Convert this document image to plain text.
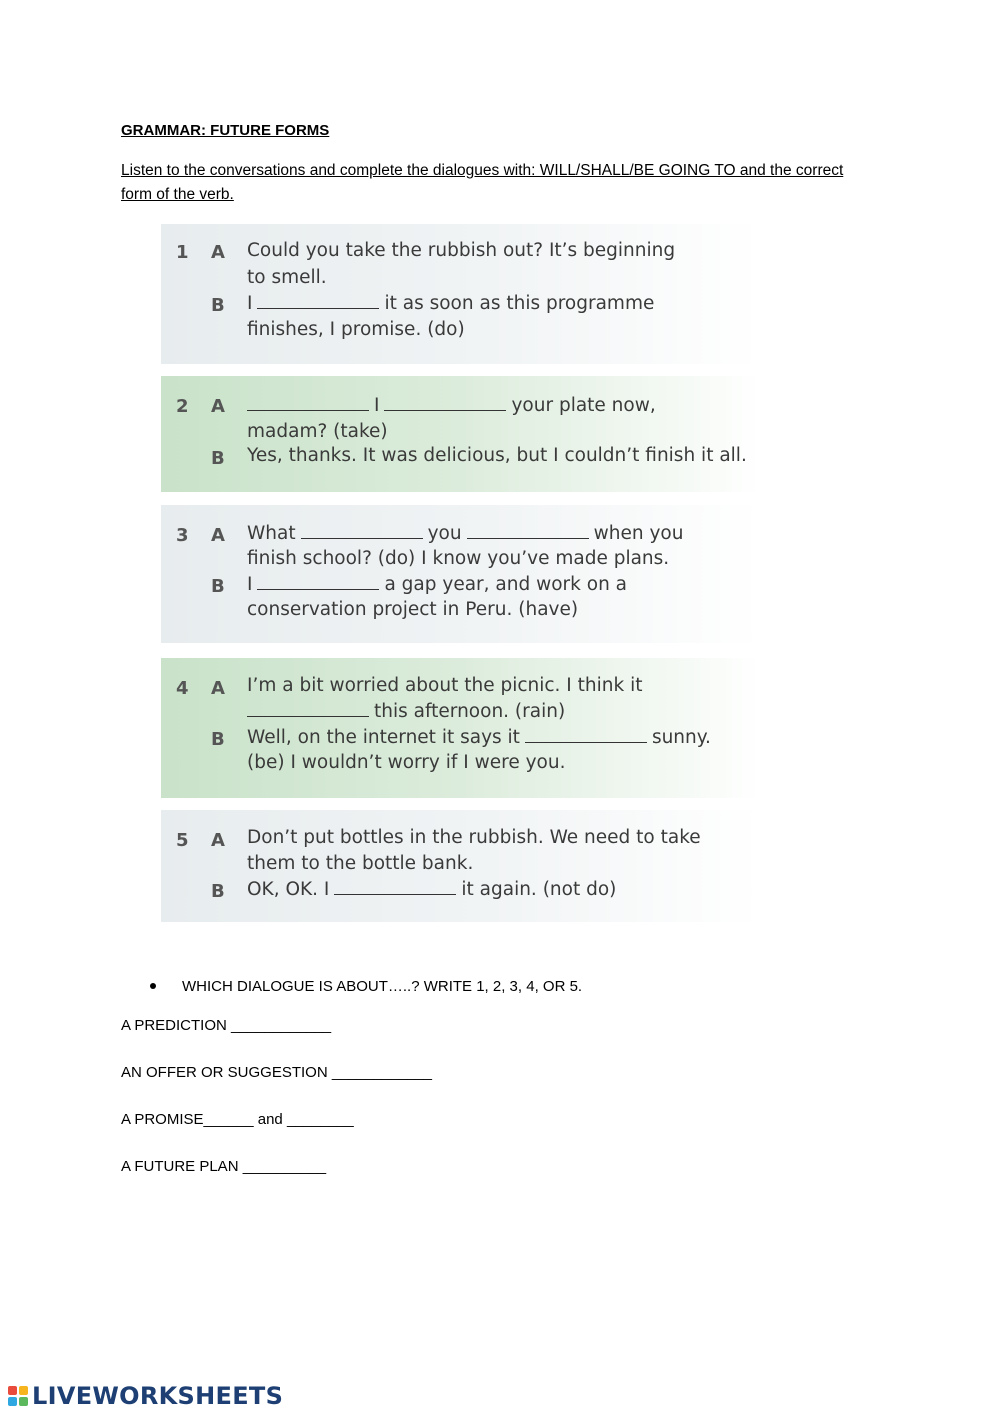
GRAMMAR: FUTURE FORMS
Listen to the conversations and complete the dialogues with: WILL/SHALL/BE GOING TO and the correct form of the verb.
1 A Could you take the rubbish out? It’s beginning
to smell.
B I	it as soon as this programme
finishes, I promise. (do)
2 A	I	your plate now,
madam? (take)
B Yes, thanks. It was delicious, but I couldn’t finish it all.
3 A What	you	when you
finish school? (do) I know you’ve made plans.
B I	a gap year, and work on a
conservation project in Peru. (have)
4 A I’m a bit worried about the picnic. I think it
this afternoon. (rain)
B Well, on the internet it says it	sunny.
(be) I wouldn’t worry if I were you.
5 A Don’t put bottles in the rubbish. We need to take
them to the bottle bank.
B OK, OK. I	it again. (not do)
WHICH DIALOGUE IS ABOUT…..? WRITE 1, 2, 3, 4, OR 5.
A PREDICTION ____________
AN OFFER OR SUGGESTION ____________
A PROMISE______ and ________
A FUTURE PLAN __________
LIVEWORKSHEETS
